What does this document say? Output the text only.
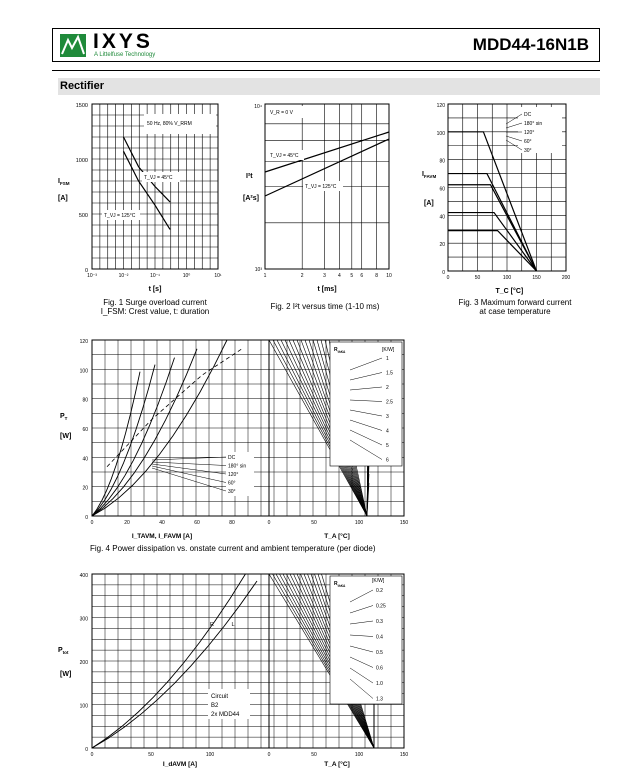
IXYS
A Littelfuse Technology
MDD44-16N1B
Rectifier
1500
1000
500
0
10⁻³	10⁻²	10⁻¹	10⁰	10¹
$I_{FSM}$
[A]
t [s]
50 Hz, 80% V_RRM
T_VJ = 45°C
T_VJ = 125°C
10⁴
10³
1	2	3 4 5 6 8 10
t [ms]
I²t
[A²s]
V_R = 0 V
T_VJ = 45°C
T_VJ = 125°C
120
100
80
60
40
20
0
0	50	100	150	200
$I_{FAVM}$
[A]
T_C [°C]
DC
180° sin
120°
60°
30°
120
100
80
60
40
20
0
0	20	40	60	80	0	50	100	150
$P_T$
[W]
I_TAVM, I_FAVM [A]	T_A [°C]
$R_{thKA}$	[K/W]
1
1.5
2
2.5
3
4
5
6
DC
180° sin
120°
60°
30°
400
300
200
100
0
0	50	100	0	50	100	150
$P_{tot}$
[W]
I_dAVM [A]	T_A [°C]
R	L
$R_{thKA}$
[K/W]
0.2
0.25
0.3
0.4
0.5
0.6
1.0
1.3
Circuit
B2
2x MDD44
Fig. 1 Surge overload current
I_FSM: Crest value, t: duration
Fig. 2 I²t versus time (1-10 ms)	Fig. 3 Maximum forward current
at case temperature
Fig. 4 Power dissipation vs. onstate current and ambient temperature (per diode)
